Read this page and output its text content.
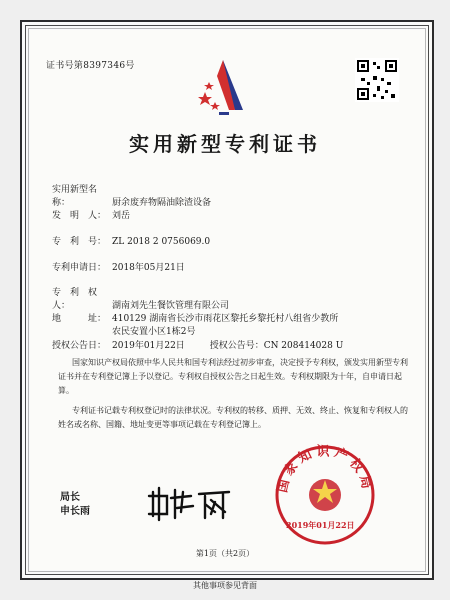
证书号第8397346号
实用新型专利证书
实用新型名称：	厨余废弃物隔油除渣设备
发　明　人： 刘岳
专　利　号： ZL 2018 2 0756069.0
专利申请日： 2018年05月21日
专　利　权　人：	湖南刘先生餐饮管理有限公司
地　　　址： 410129 湖南省长沙市雨花区黎托乡黎托村八组省少教所
农民安置小区1栋2号
授权公告日： 2019年01月22日	授权公告号：CN 208414028 U
国家知识产权局依照中华人民共和国专利法经过初步审查，决定授予专利权，颁发实用新型专利证书并在专利登记簿上予以登记。专利权自授权公告之日起生效。专利权期限为十年，自申请日起算。
专利证书记载专利权登记时的法律状况。专利权的转移、质押、无效、终止、恢复和专利权人的姓名或名称、国籍、地址变更等事项记载在专利登记簿上。
局长
申长雨
国家知识产权局
2019年01月22日
第1页（共2页）
其他事项参见背面
